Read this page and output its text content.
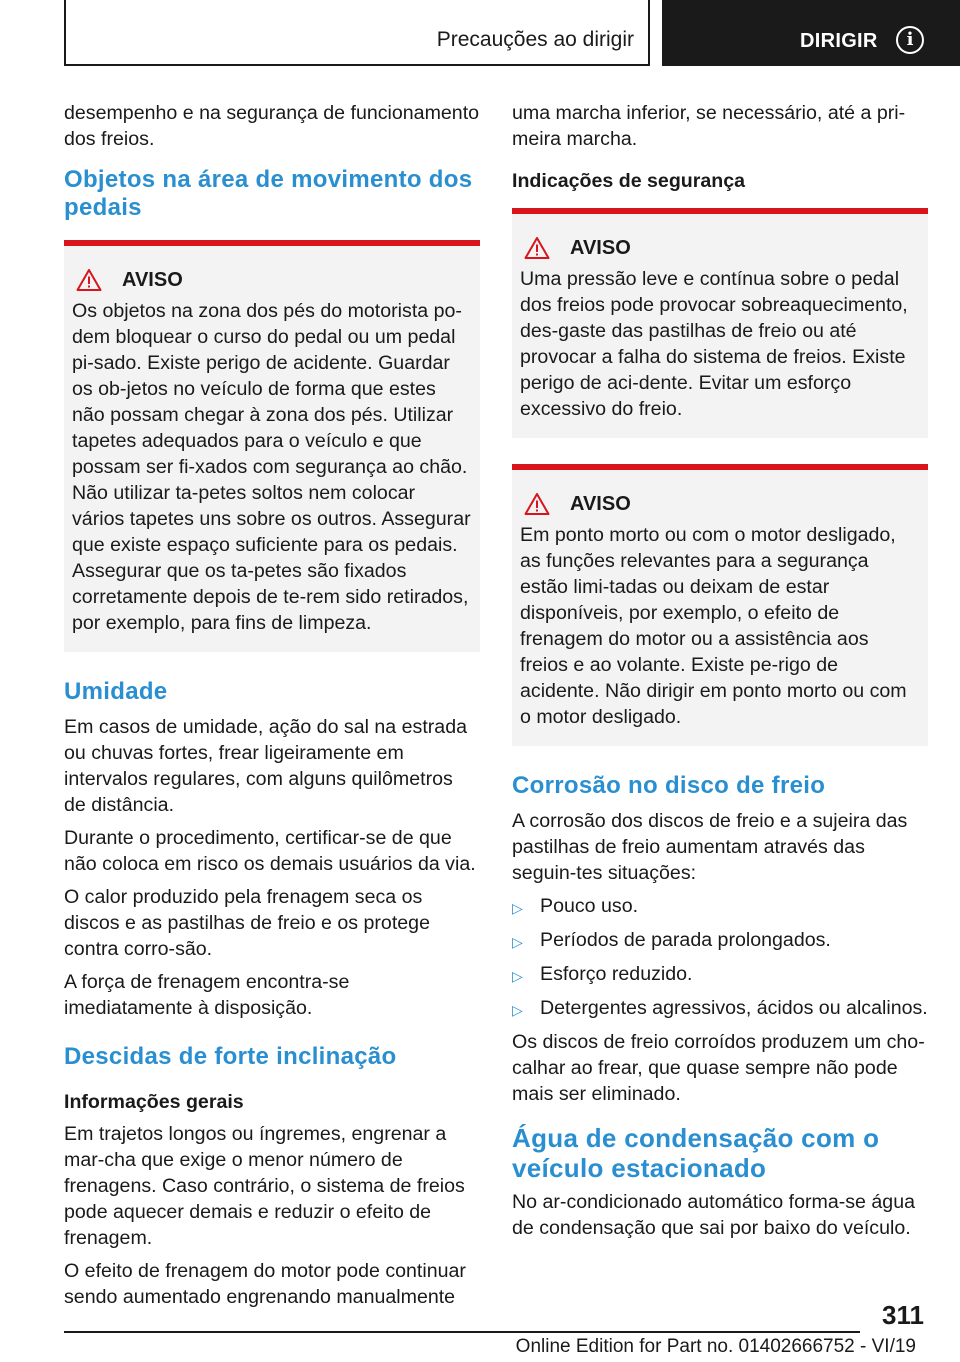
Precauções ao dirigir	DIRIGIR	i

desempenho e na segurança de funcionamento dos freios.

Objetos na área de movimento dos pedais
AVISO

Os objetos na zona dos pés do motorista po-dem bloquear o curso do pedal ou um pedal pi-sado. Existe perigo de acidente. Guardar os ob-jetos no veículo de forma que estes não possam chegar à zona dos pés. Utilizar tapetes adequados para o veículo e que possam ser fi-xados com segurança ao chão. Não utilizar ta-petes soltos nem colocar vários tapetes uns sobre os outros. Assegurar que existe espaço suficiente para os pedais. Assegurar que os ta-petes são fixados corretamente depois de te-rem sido retirados, por exemplo, para fins de limpeza.

Umidade

Em casos de umidade, ação do sal na estrada ou chuvas fortes, frear ligeiramente em intervalos regulares, com alguns quilômetros de distância.

Durante o procedimento, certificar-se de que não coloca em risco os demais usuários da via.

O calor produzido pela frenagem seca os discos e as pastilhas de freio e os protege contra corro-são.

A força de frenagem encontra-se imediatamente à disposição.

Descidas de forte inclinação
Informações gerais

Em trajetos longos ou íngremes, engrenar a mar-cha que exige o menor número de frenagens. Caso contrário, o sistema de freios pode aquecer demais e reduzir o efeito de frenagem.

O efeito de frenagem do motor pode continuar sendo aumentado engrenando manualmente

uma marcha inferior, se necessário, até a pri-meira marcha.

Indicações de segurança
AVISO

Uma pressão leve e contínua sobre o pedal dos freios pode provocar sobreaquecimento, des-gaste das pastilhas de freio ou até provocar a falha do sistema de freios. Existe perigo de aci-dente. Evitar um esforço excessivo do freio.

AVISO

Em ponto morto ou com o motor desligado, as funções relevantes para a segurança estão limi-tadas ou deixam de estar disponíveis, por exemplo, o efeito de frenagem do motor ou a assistência aos freios e ao volante. Existe pe-rigo de acidente. Não dirigir em ponto morto ou com o motor desligado.

Corrosão no disco de freio

A corrosão dos discos de freio e a sujeira das pastilhas de freio aumentam através das seguin-tes situações:

▷ Pouco uso.
▷ Períodos de parada prolongados.
▷ Esforço reduzido.
▷ Detergentes agressivos, ácidos ou alcalinos.

Os discos de freio corroídos produzem um cho-calhar ao frear, que quase sempre não pode mais ser eliminado.

Água de condensação com o veículo estacionado

No ar-condicionado automático forma-se água de condensação que sai por baixo do veículo.

311
Online Edition for Part no. 01402666752 - VI/19
